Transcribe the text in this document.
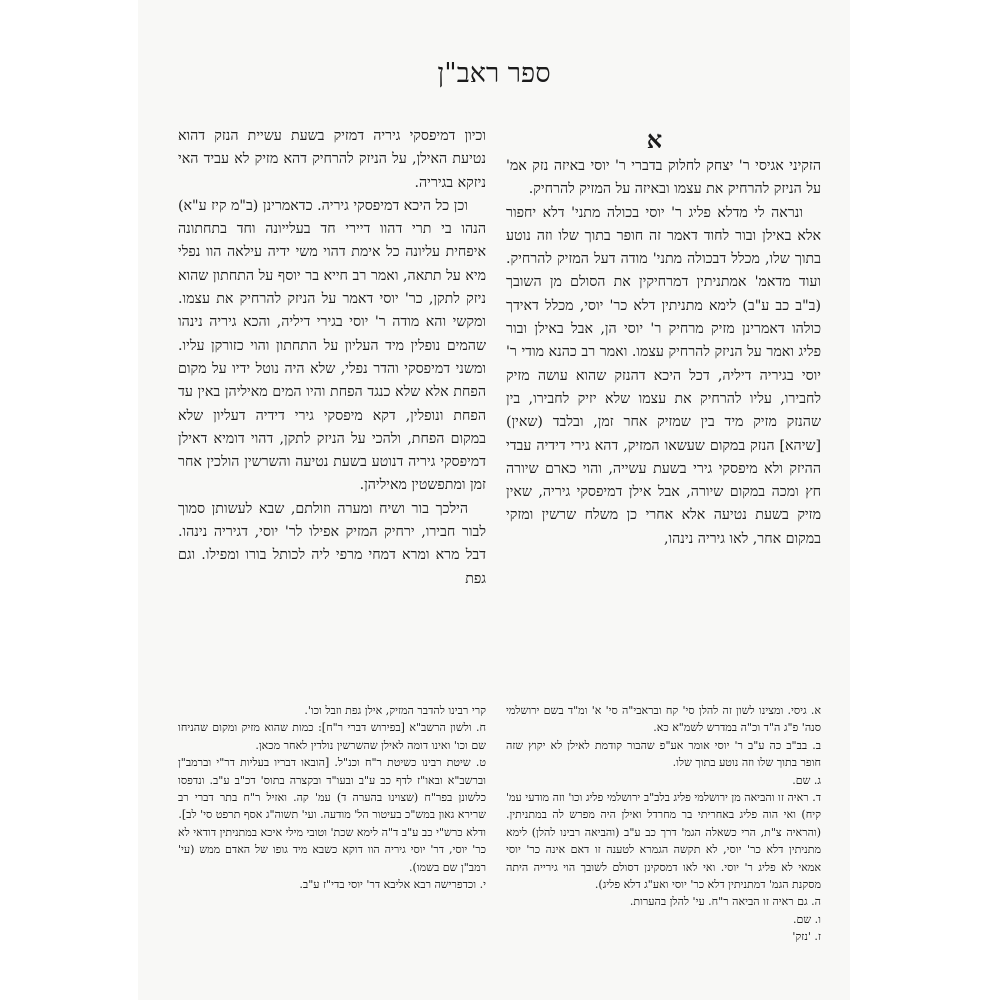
ספר ראב"ן

א

הזקיני אגיסי ר' יצחק לחלוק בדברי ר' יוסי באיזה נזק אמ' על הניזק להרחיק את עצמו ובאיזה על המזיק להרחיק.

ונראה לי מדלא פליג ר' יוסי בכולה מתני' דלא יחפור אלא באילן ובור לחוד דאמר זה חופר בתוך שלו וזה נוטע בתוך שלו, מכלל דבכולה מתני' מודה דעל המזיק להרחיק. ועוד מדאמ' אמתניתין דמרחיקין את הסולם מן השובך (ב"ב כב ע"ב) לימא מתניתין דלא כר' יוסי, מכלל דאידך כולהו דאמרינן מזיק מרחיק ר' יוסי הן, אבל באילן ובור פליג ואמר על הניזק להרחיק עצמו. ואמר רב כהנא מודי ר' יוסי בגיריה דיליה, דכל היכא דהנזק שהוא עושה מזיק לחבירו, עליו להרחיק את עצמו שלא יזיק לחבירו, בין שהנזק מזיק מיד בין שמזיק אחר זמן, ובלבד (שאין) [שיהא] הנזק במקום שעשאו המזיק, דהא גירי דידיה עבדי ההיזק ולא מיפסקי גירי בשעת עשייה, והוי כארם שיורה חץ ומכה במקום שיורה, אבל אילן דמיפסקי גיריה, שאין מזיק בשעת נטיעה אלא אחרי כן משלח שרשין ומזקי במקום אחר, לאו גיריה נינהו,

וכיון דמיפסקי גיריה דמזיק בשעת עשיית הנזק דהוא נטיעת האילן, על הניזק להרחיק דהא מזיק לא עביד האי ניזקא בגיריה.

וכן כל היכא דמיפסקי גיריה. כדאמרינן (ב"מ קיז ע"א) הנהו בי תרי דהוו דיירי חד בעלייונה וחד בתחתונה איפחית עליונה כל אימת דהוי משי ידיה עילאה הוו נפלי מיא על תתאה, ואמר רב חייא בר יוסף על התחתון שהוא ניזק לתקן, כר' יוסי דאמר על הניזק להרחיק את עצמו. ומקשי והא מודה ר' יוסי בגירי דיליה, והכא גיריה נינהו שהמים נופלין מיד העליון על התחתון והוי כזורקן עליו. ומשני דמיפסקי והדר נפלי, שלא היה נוטל ידיו על מקום הפחת אלא שלא כנגד הפחת והיו המים מאיליהן באין עד הפחת ונופלין, דקא מיפסקי גירי דידיה דעליון שלא במקום הפחת, ולהכי על הניזק לתקן, דהוי דומיא דאילן דמיפסקי גיריה דנוטע בשעת נטיעה והשרשין הולכין אחר זמן ומתפשטין מאיליהן.

הילכך בור ושיח ומערה וזולתם, שבא לעשותן סמוך לבור חבירו, ירחיק המזיק אפילו לר' יוסי, דגיריה נינהו. דבל מרא ומרא דמחי מרפי ליה לכותל בורו ומפילו. וגם גפת

א. גיסי. ומצינו לשון זה להלן סי' קח ובראבי"ה סי' א' ומ"ד בשם ירושלמי סנה' פ"ג ה"ד וכ"ה במדרש לשמ"א כא.

ב. בב"ב כה ע"ב ר' יוסי אומר אע"פ שהבור קודמת לאילן לא יקוץ שזה חופר בתוך שלו וזה נוטע בתוך שלו.

ג. שם.

ד. ראיה זו והביאה מן ירושלמי פליג בלב"ב ירושלמי פליג וכו' וזה מודעי עמ' קיח) ואי הוה פליג באחריתי בר מחרדל ואילן היה מפרש לה במתניתין. (והראיה צ"ת, הרי כשאלה הגמ' דרך כב ע"ב (והביאה רבינו להלן) לימא מתניתין דלא כר' יוסי, לא תקשה הגמרא לטענה זו דאם אינה כר' יוסי אמאי לא פליג ר' יוסי. ואי לאו דמסקינן דסולם לשובך הוי גירייה היתה מסקנת הגמ' דמתניתין דלא כר' יוסי ואע"ג דלא פליג).

ה. גם ראיה זו הביאה ר"ח. עי' להלן בהערות.

ו. שם.

ז. 'נזק'

קרי רבינו להדבר המזיק, אילן גפת וזבל וכו'.

ח. ולשון הרשב"א [בפירוש דברי ר"ח]: כמות שהוא מזיק ומקום שהניחו שם וכו' ואינו דומה לאילן שהשרשין נולדין לאחר מכאן.

ט. שיטת רבינו כשיטת ר"ח וכנ"ל. [הובאו דבריו בעליות דר"י וברמב"ן וברשב"א ובאו"ז לדף כב ע"ב ובעו"ד ובקצרה בתוס' דכ"ב ע"ב. ונדפסו כלשונן בפר"ח (שצוינו בהערה ד) עמ' קה. ואזיל ר"ח בתר דברי רב שרירא גאון במש"כ בעיטור הל' מודעה. ועי' תשוה"ג אסף תרפט סי' לב].

ודלא כרש"י כב ע"ב ד"ה לימא שכת' וטובי מילי איכא במתניתין דודאי לא כר' יוסי, דר' יוסי גיריה הוו דוקא כשבא מיד גופו של האדם ממש (עי' רמב"ן שם בשמו).

י. וכדפרישה רבא אליבא דר' יוסי בדי"ז ע"ב.
